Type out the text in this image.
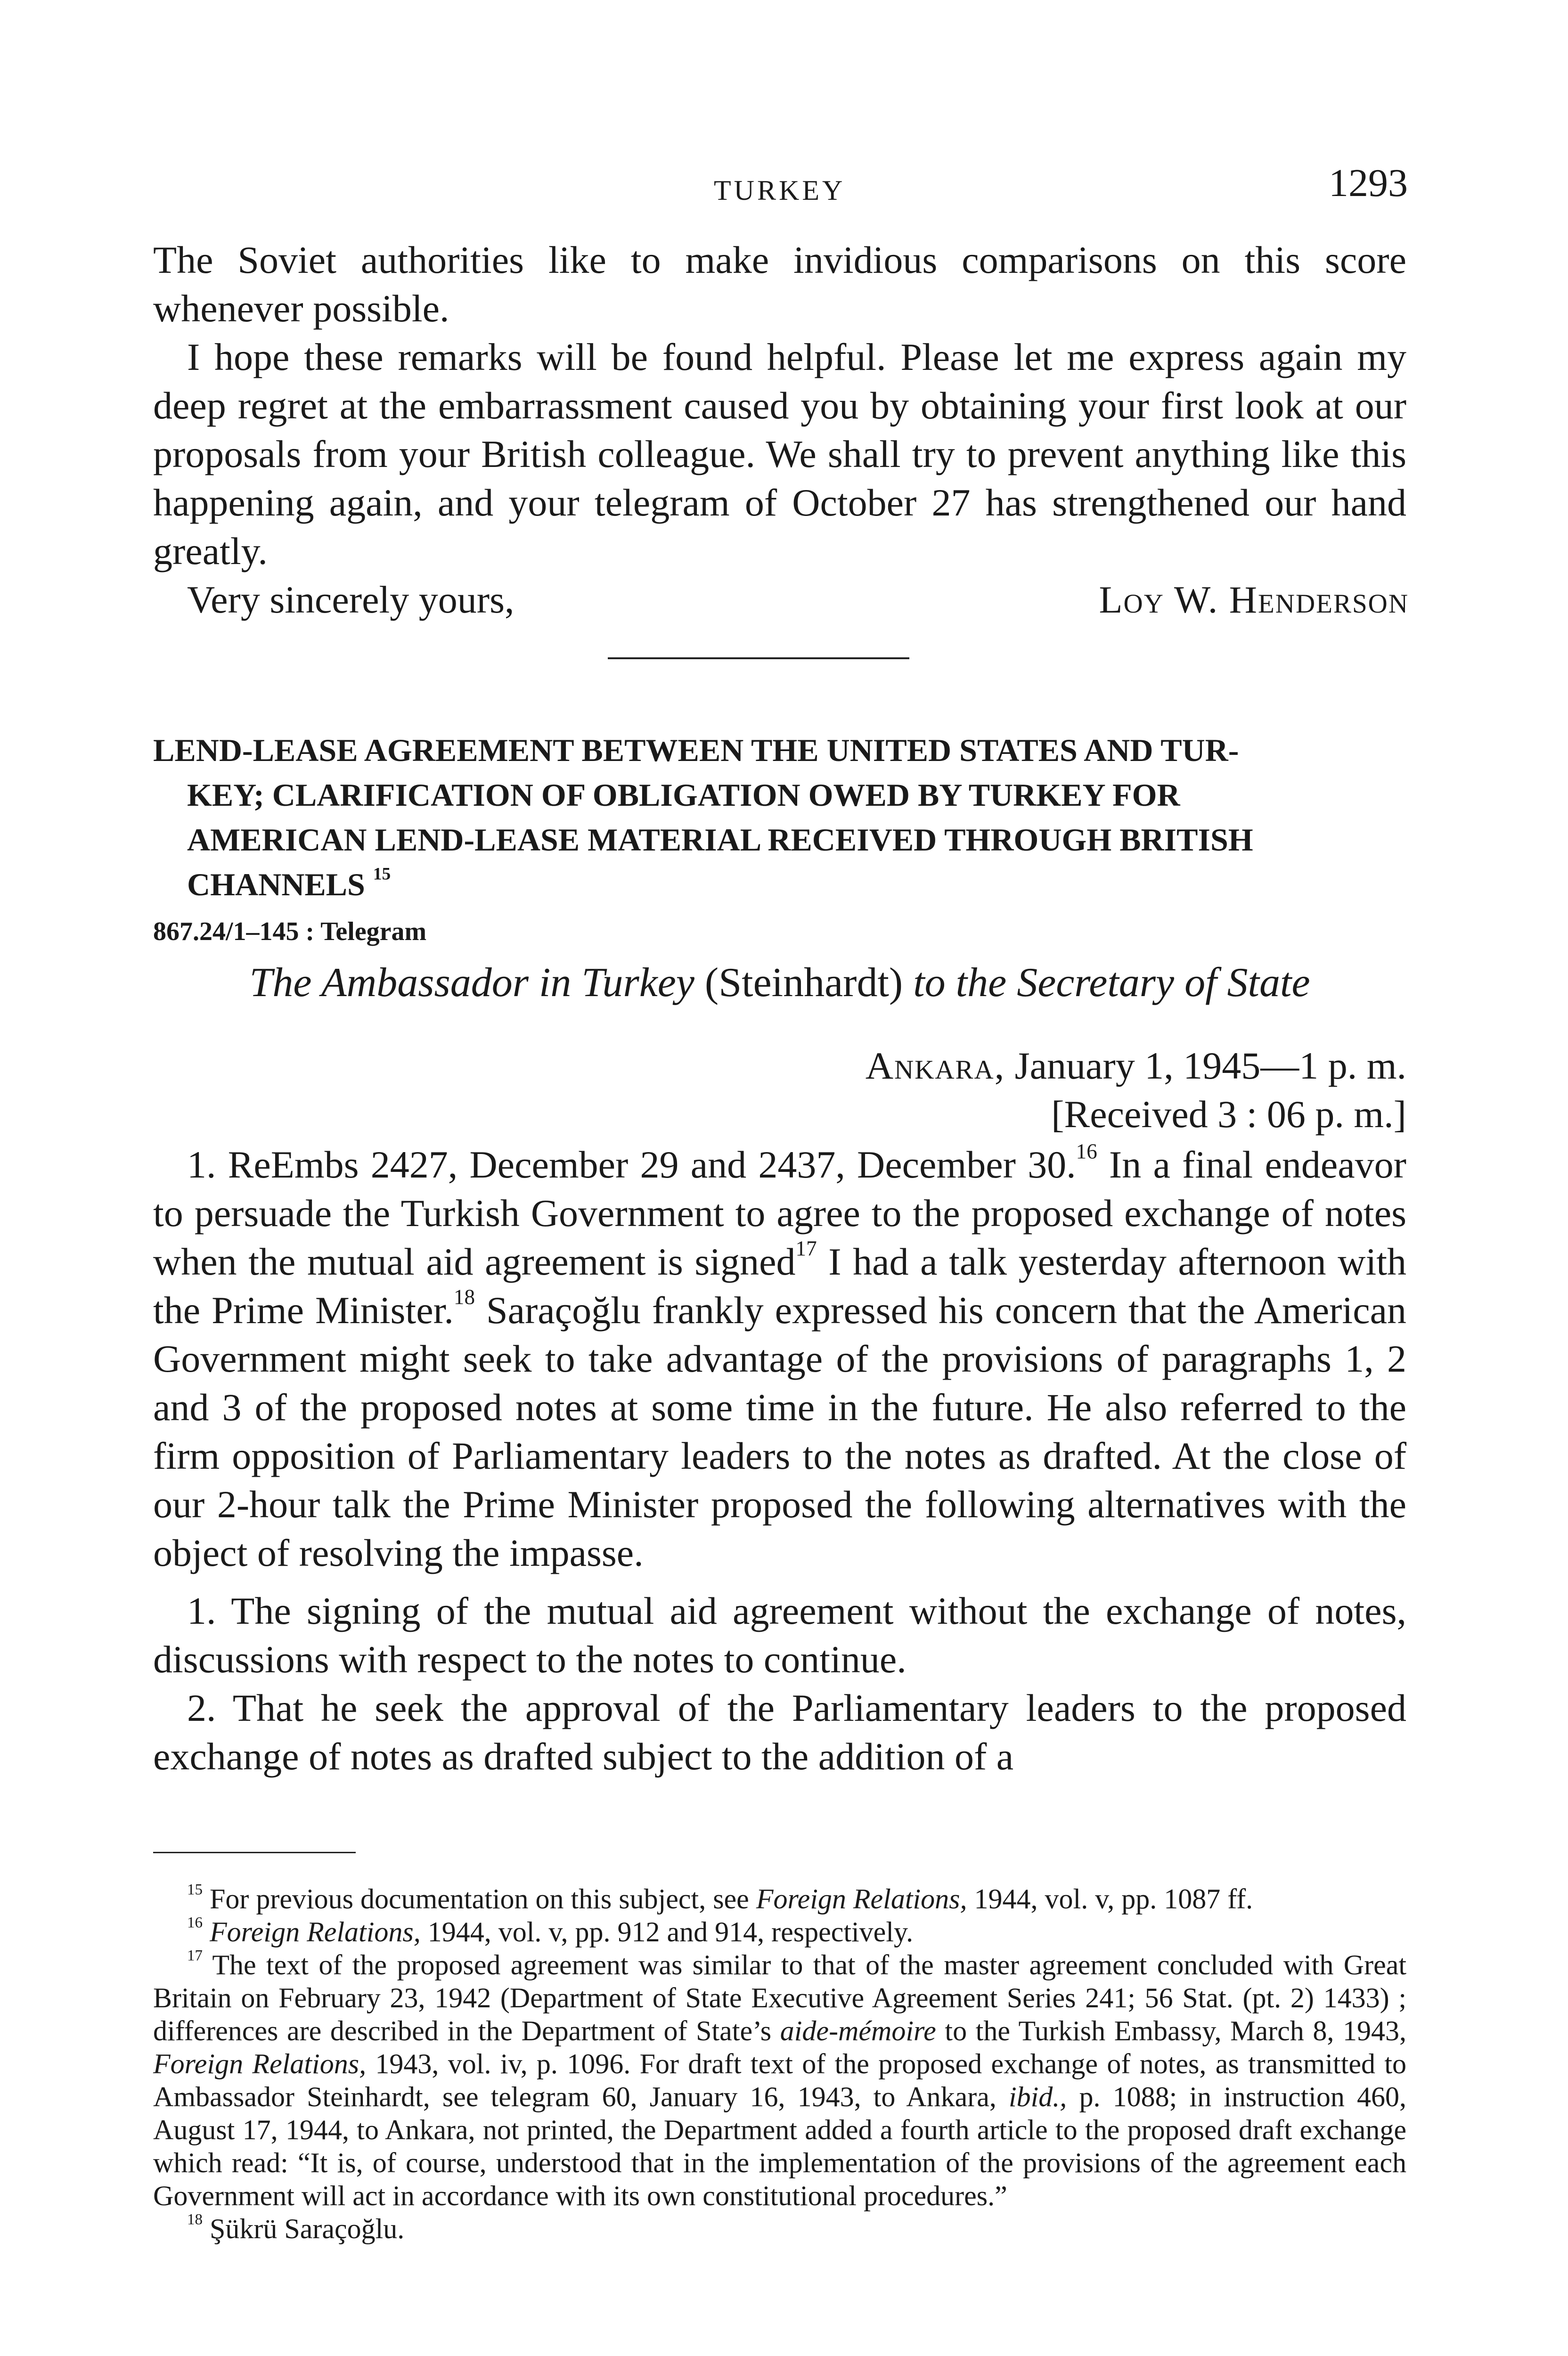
TURKEY	1293

The Soviet authorities like to make invidious comparisons on this score whenever possible.

I hope these remarks will be found helpful. Please let me express again my deep regret at the embarrassment caused you by obtaining your first look at our proposals from your British colleague. We shall try to prevent anything like this happening again, and your telegram of October 27 has strengthened our hand greatly.

Very sincerely yours,	Loy W. Henderson
LEND-LEASE AGREEMENT BETWEEN THE UNITED STATES AND TUR-
KEY; CLARIFICATION OF OBLIGATION OWED BY TURKEY FOR
AMERICAN LEND-LEASE MATERIAL RECEIVED THROUGH BRITISH
CHANNELS $^{15}$
867.24/1–145 : Telegram
The Ambassador in Turkey (Steinhardt) to the Secretary of State
Ankara, January 1, 1945—1 p. m.
[Received 3 : 06 p. m.]

1. ReEmbs 2427, December 29 and 2437, December 30.16 In a final endeavor to persuade the Turkish Government to agree to the proposed exchange of notes when the mutual aid agreement is signed$^{17}$ I had a talk yesterday afternoon with the Prime Minister.$^{18}$ Saraçoğlu frankly expressed his concern that the American Government might seek to take advantage of the provisions of paragraphs 1, 2 and 3 of the proposed notes at some time in the future. He also referred to the firm opposition of Parliamentary leaders to the notes as drafted. At the close of our 2-hour talk the Prime Minister proposed the following alternatives with the object of resolving the impasse.

1. The signing of the mutual aid agreement without the exchange of notes, discussions with respect to the notes to continue.

2. That he seek the approval of the Parliamentary leaders to the proposed exchange of notes as drafted subject to the addition of a

$^{15}$ For previous documentation on this subject, see Foreign Relations, 1944, vol. v, pp. 1087 ff.

$^{16}$ Foreign Relations, 1944, vol. v, pp. 912 and 914, respectively.

$^{17}$ The text of the proposed agreement was similar to that of the master agreement concluded with Great Britain on February 23, 1942 (Department of State Executive Agreement Series 241; 56 Stat. (pt. 2) 1433) ; differences are described in the Department of State’s aide-mémoire to the Turkish Embassy, March 8, 1943, Foreign Relations, 1943, vol. iv, p. 1096. For draft text of the proposed exchange of notes, as transmitted to Ambassador Steinhardt, see telegram 60, January 16, 1943, to Ankara, ibid., p. 1088; in instruction 460, August 17, 1944, to Ankara, not printed, the Department added a fourth article to the proposed draft exchange which read: “It is, of course, understood that in the implementation of the provisions of the agreement each Government will act in accordance with its own constitutional procedures.”

$^{18}$ Şükrü Saraçoğlu.
